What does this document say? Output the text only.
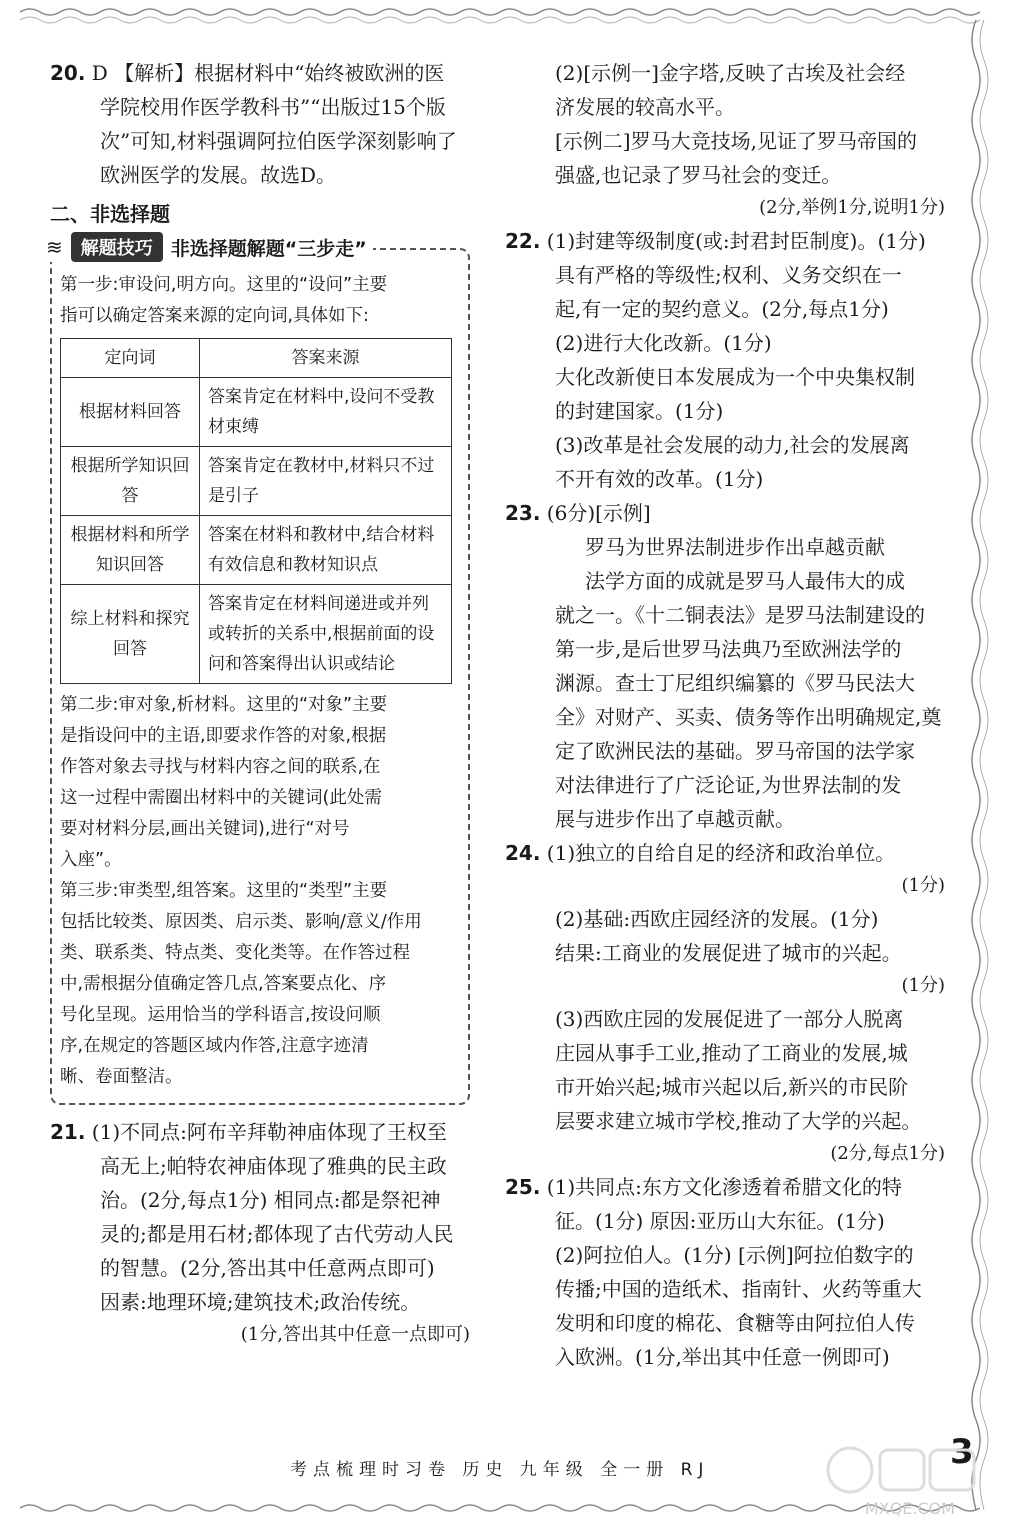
20. D 【解析】根据材料中“始终被欧洲的医

学院校用作医学教科书”“出版过15个版

次”可知,材料强调阿拉伯医学深刻影响了

欧洲医学的发展。故选D。

二、非选择题
≋	解题技巧 非选择题解题“三步走”

第一步:审设问,明方向。这里的“设问”主要

指可以确定答案来源的定向词,具体如下:

定向词	答案来源
根据材料回答	答案肯定在材料中,设问不受教材束缚
根据所学知识回答	答案肯定在教材中,材料只不过是引子
根据材料和所学知识回答	答案在材料和教材中,结合材料有效信息和教材知识点
综上材料和探究回答	答案肯定在材料间递进或并列或转折的关系中,根据前面的设问和答案得出认识或结论

第二步:审对象,析材料。这里的“对象”主要

是指设问中的主语,即要求作答的对象,根据

作答对象去寻找与材料内容之间的联系,在

这一过程中需圈出材料中的关键词(此处需

要对材料分层,画出关键词),进行“对号

入座”。

第三步:审类型,组答案。这里的“类型”主要

包括比较类、原因类、启示类、影响/意义/作用

类、联系类、特点类、变化类等。在作答过程

中,需根据分值确定答几点,答案要点化、序

号化呈现。运用恰当的学科语言,按设问顺

序,在规定的答题区域内作答,注意字迹清

晰、卷面整洁。

21. (1)不同点:阿布辛拜勒神庙体现了王权至

高无上;帕特农神庙体现了雅典的民主政

治。(2分,每点1分) 相同点:都是祭祀神

灵的;都是用石材;都体现了古代劳动人民

的智慧。(2分,答出其中任意两点即可)

因素:地理环境;建筑技术;政治传统。

(1分,答出其中任意一点即可)

(2)[示例一]金字塔,反映了古埃及社会经

济发展的较高水平。

[示例二]罗马大竞技场,见证了罗马帝国的

强盛,也记录了罗马社会的变迁。

(2分,举例1分,说明1分)

22. (1)封建等级制度(或:封君封臣制度)。(1分)

具有严格的等级性;权利、义务交织在一

起,有一定的契约意义。(2分,每点1分)

(2)进行大化改新。(1分)

大化改新使日本发展成为一个中央集权制

的封建国家。(1分)

(3)改革是社会发展的动力,社会的发展离

不开有效的改革。(1分)

23. (6分)[示例]

罗马为世界法制进步作出卓越贡献

法学方面的成就是罗马人最伟大的成

就之一。《十二铜表法》是罗马法制建设的

第一步,是后世罗马法典乃至欧洲法学的

渊源。查士丁尼组织编纂的《罗马民法大

全》对财产、买卖、债务等作出明确规定,奠

定了欧洲民法的基础。罗马帝国的法学家

对法律进行了广泛论证,为世界法制的发

展与进步作出了卓越贡献。

24. (1)独立的自给自足的经济和政治单位。

(1分)

(2)基础:西欧庄园经济的发展。(1分)

结果:工商业的发展促进了城市的兴起。

(1分)

(3)西欧庄园的发展促进了一部分人脱离

庄园从事手工业,推动了工商业的发展,城

市开始兴起;城市兴起以后,新兴的市民阶

层要求建立城市学校,推动了大学的兴起。

(2分,每点1分)

25. (1)共同点:东方文化渗透着希腊文化的特

征。(1分) 原因:亚历山大东征。(1分)

(2)阿拉伯人。(1分) [示例]阿拉伯数字的

传播;中国的造纸术、指南针、火药等重大

发明和印度的棉花、食糖等由阿拉伯人传

入欧洲。(1分,举出其中任意一例即可)

考点梳理时习卷 历史 九年级 全一册 RJ	3
MXQE.COM
